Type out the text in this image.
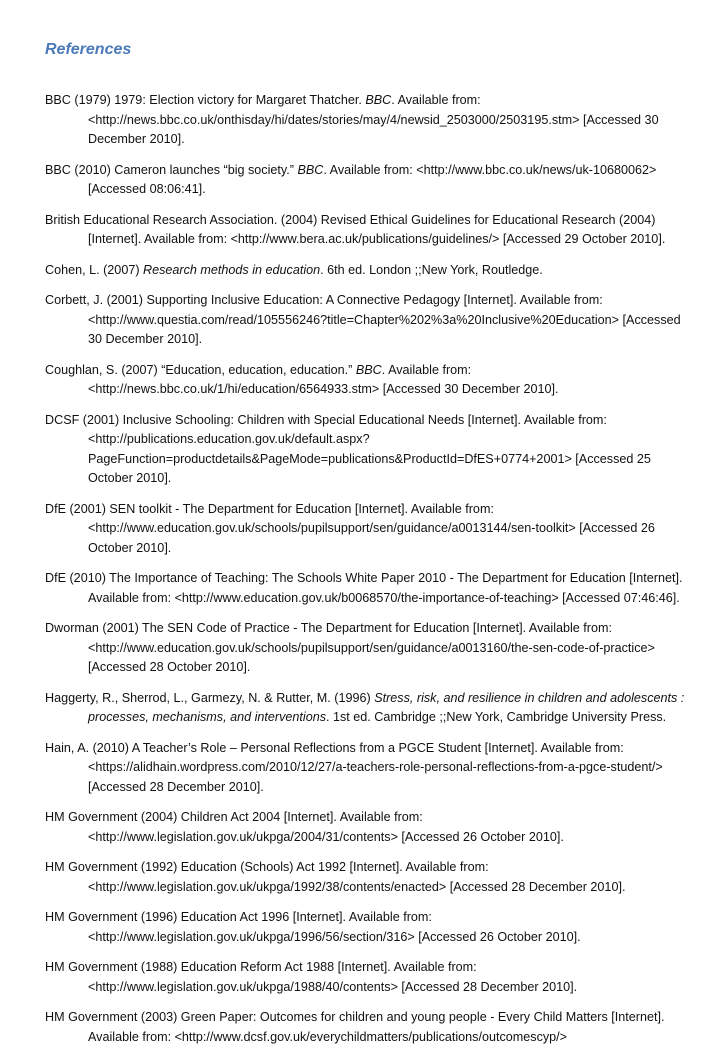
References

BBC (1979) 1979: Election victory for Margaret Thatcher. BBC. Available from: <http://news.bbc.co.uk/onthisday/hi/dates/stories/may/4/newsid_2503000/2503195.stm> [Accessed 30 December 2010].

BBC (2010) Cameron launches “big society.” BBC. Available from: <http://www.bbc.co.uk/news/uk-10680062> [Accessed 08:06:41].

British Educational Research Association. (2004) Revised Ethical Guidelines for Educational Research (2004) [Internet]. Available from: <http://www.bera.ac.uk/publications/guidelines/> [Accessed 29 October 2010].

Cohen, L. (2007) Research methods in education. 6th ed. London ;;New York, Routledge.

Corbett, J. (2001) Supporting Inclusive Education: A Connective Pedagogy [Internet]. Available from: <http://www.questia.com/read/105556246?title=Chapter%202%3a%20Inclusive%20Education> [Accessed 30 December 2010].

Coughlan, S. (2007) “Education, education, education.” BBC. Available from: <http://news.bbc.co.uk/1/hi/education/6564933.stm> [Accessed 30 December 2010].

DCSF (2001) Inclusive Schooling: Children with Special Educational Needs [Internet]. Available from: <http://publications.education.gov.uk/default.aspx?PageFunction=productdetails&PageMode=publications&ProductId=DfES+0774+2001> [Accessed 25 October 2010].

DfE (2001) SEN toolkit - The Department for Education [Internet]. Available from: <http://www.education.gov.uk/schools/pupilsupport/sen/guidance/a0013144/sen-toolkit> [Accessed 26 October 2010].

DfE (2010) The Importance of Teaching: The Schools White Paper 2010 - The Department for Education [Internet]. Available from: <http://www.education.gov.uk/b0068570/the-importance-of-teaching> [Accessed 07:46:46].

Dworman (2001) The SEN Code of Practice - The Department for Education [Internet]. Available from: <http://www.education.gov.uk/schools/pupilsupport/sen/guidance/a0013160/the-sen-code-of-practice> [Accessed 28 October 2010].

Haggerty, R., Sherrod, L., Garmezy, N. & Rutter, M. (1996) Stress, risk, and resilience in children and adolescents : processes, mechanisms, and interventions. 1st ed. Cambridge ;;New York, Cambridge University Press.

Hain, A. (2010) A Teacher’s Role – Personal Reflections from a PGCE Student [Internet]. Available from: <https://alidhain.wordpress.com/2010/12/27/a-teachers-role-personal-reflections-from-a-pgce-student/> [Accessed 28 December 2010].

HM Government (2004) Children Act 2004 [Internet]. Available from: <http://www.legislation.gov.uk/ukpga/2004/31/contents> [Accessed 26 October 2010].

HM Government (1992) Education (Schools) Act 1992 [Internet]. Available from: <http://www.legislation.gov.uk/ukpga/1992/38/contents/enacted> [Accessed 28 December 2010].

HM Government (1996) Education Act 1996 [Internet]. Available from: <http://www.legislation.gov.uk/ukpga/1996/56/section/316> [Accessed 26 October 2010].

HM Government (1988) Education Reform Act 1988 [Internet]. Available from: <http://www.legislation.gov.uk/ukpga/1988/40/contents> [Accessed 28 December 2010].

HM Government (2003) Green Paper: Outcomes for children and young people - Every Child Matters [Internet]. Available from: <http://www.dcsf.gov.uk/everychildmatters/publications/outcomescyp/>
